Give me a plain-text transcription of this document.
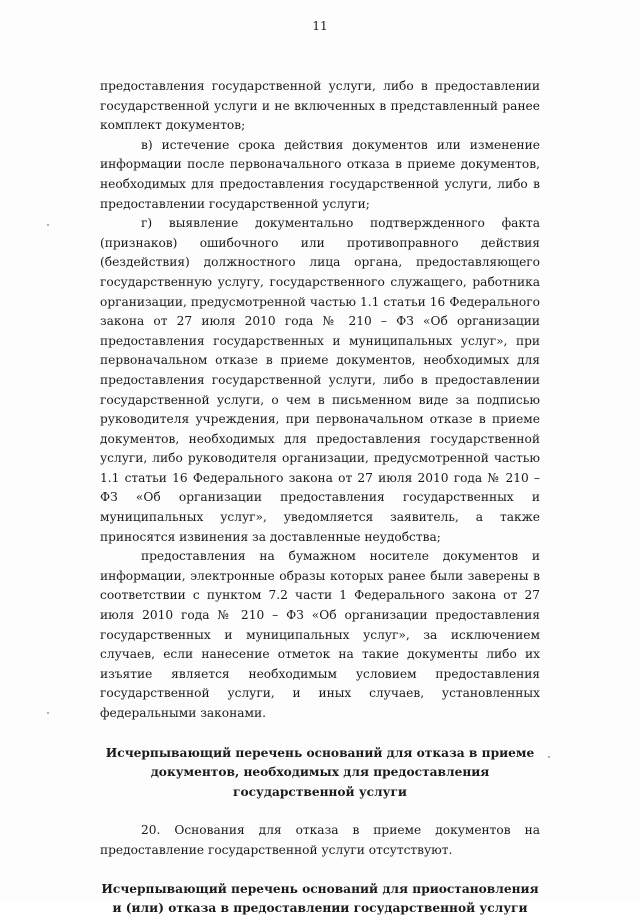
11

предоставления государственной услуги, либо в предоставлении государственной услуги и не включенных в представленный ранее комплект документов;

в) истечение срока действия документов или изменение информации после первоначального отказа в приеме документов, необходимых для предоставления государственной услуги, либо в предоставлении государственной услуги;

г) выявление документально подтвержденного факта (признаков) ошибочного или противоправного действия (бездействия) должностного лица органа, предоставляющего государственную услугу, государственного служащего, работника организации, предусмотренной частью 1.1 статьи 16 Федерального закона от 27 июля 2010 года № 210 – ФЗ «Об организации предоставления государственных и муниципальных услуг», при первоначальном отказе в приеме документов, необходимых для предоставления государственной услуги, либо в предоставлении государственной услуги, о чем в письменном виде за подписью руководителя учреждения, при первоначальном отказе в приеме документов, необходимых для предоставления государственной услуги, либо руководителя организации, предусмотренной частью 1.1 статьи 16 Федерального закона от 27 июля 2010 года № 210 – ФЗ «Об организации предоставления государственных и муниципальных услуг», уведомляется заявитель, а также приносятся извинения за доставленные неудобства;

предоставления на бумажном носителе документов и информации, электронные образы которых ранее были заверены в соответствии с пунктом 7.2 части 1 Федерального закона от 27 июля 2010 года № 210 – ФЗ «Об организации предоставления государственных и муниципальных услуг», за исключением случаев, если нанесение отметок на такие документы либо их изъятие является необходимым условием предоставления государственной услуги, и иных случаев, установленных федеральными законами.

Исчерпывающий перечень оснований для отказа в приеме
документов, необходимых для предоставления
государственной услуги

20. Основания для отказа в приеме документов на предоставление государственной услуги отсутствуют.

Исчерпывающий перечень оснований для приостановления
и (или) отказа в предоставлении государственной услуги
